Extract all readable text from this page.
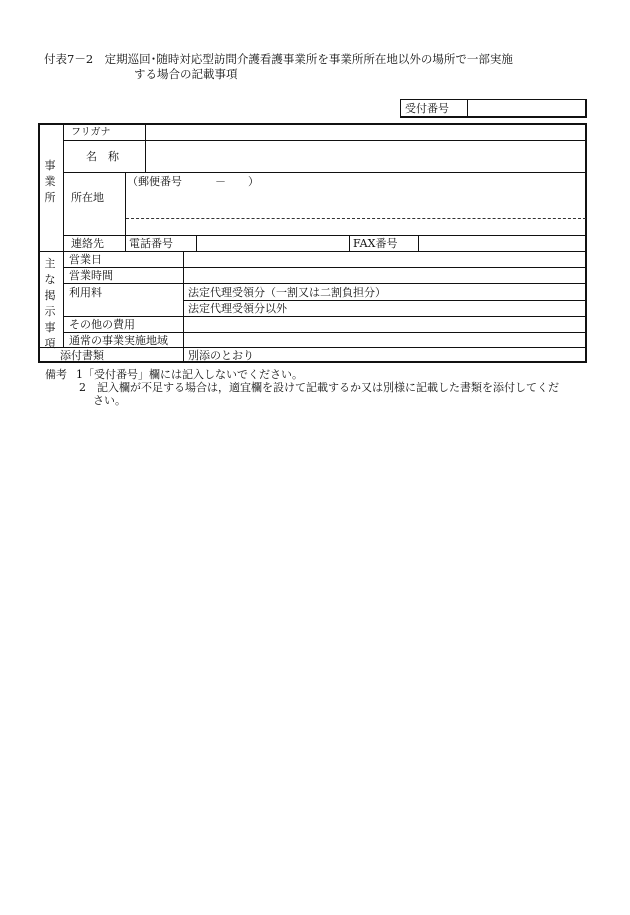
付表7－2　定期巡回･随時対応型訪問介護看護事業所を事業所所在地以外の場所で一部実施
する場合の記載事項
受付番号
事業所
フリガナ
名　称
所在地
（郵便番号　　　－　　）
連絡先 電話番号	FAX番号
主な掲示事項
営業日
営業時間
利用料	法定代理受領分（一割又は二割負担分）
法定代理受領分以外
その他の費用
通常の事業実施地域
添付書類	別添のとおり
備考 1「受付番号」欄には記入しないでください。
2　記入欄が不足する場合は，適宜欄を設けて記載するか又は別様に記載した書類を添付してくだ
さい。
